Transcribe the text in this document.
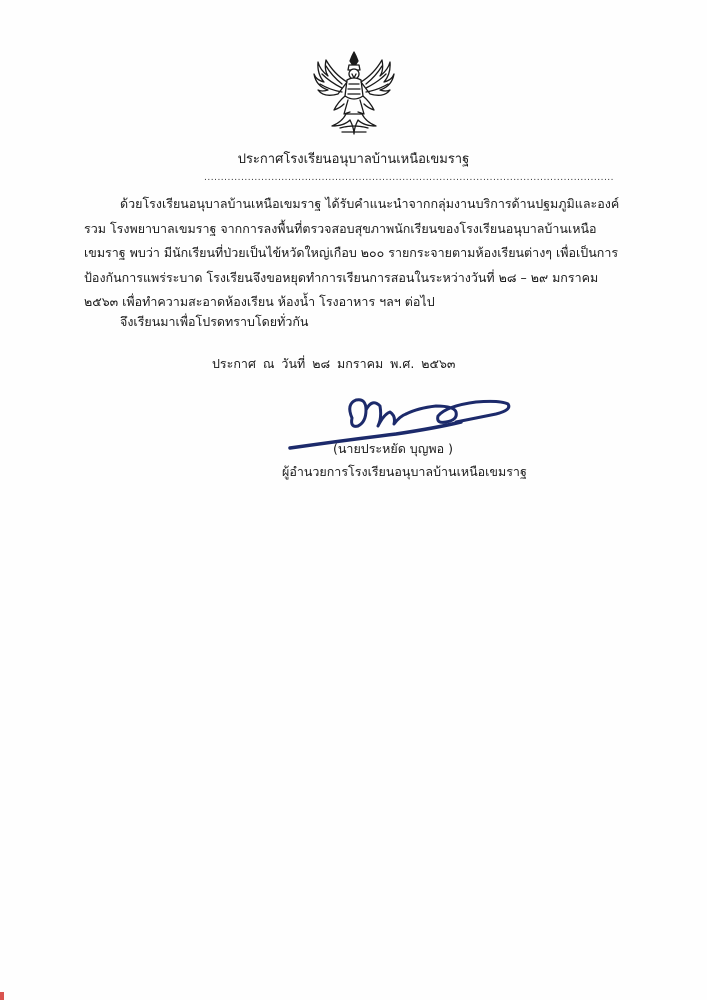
ประกาศโรงเรียนอนุบาลบ้านเหนือเขมราฐ
..........................................................................................................................

ด้วยโรงเรียนอนุบาลบ้านเหนือเขมราฐ ได้รับคำแนะนำจากกลุ่มงานบริการด้านปฐมภูมิและองค์รวม โรงพยาบาลเขมราฐ จากการลงพื้นที่ตรวจสอบสุขภาพนักเรียนของโรงเรียนอนุบาลบ้านเหนือเขมราฐ พบว่า มีนักเรียนที่ป่วยเป็นไข้หวัดใหญ่เกือบ ๒๐๐ รายกระจายตามห้องเรียนต่างๆ เพื่อเป็นการป้องกันการแพร่ระบาด โรงเรียนจึงขอหยุดทำการเรียนการสอนในระหว่างวันที่ ๒๘ – ๒๙ มกราคม ๒๕๖๓ เพื่อทำความสะอาดห้องเรียน ห้องน้ำ โรงอาหาร ฯลฯ ต่อไป

จึงเรียนมาเพื่อโปรดทราบโดยทั่วกัน
ประกาศ ณ วันที่ ๒๘ มกราคม พ.ศ. ๒๕๖๓
(นายประหยัด บุญพอ )
ผู้อำนวยการโรงเรียนอนุบาลบ้านเหนือเขมราฐ
